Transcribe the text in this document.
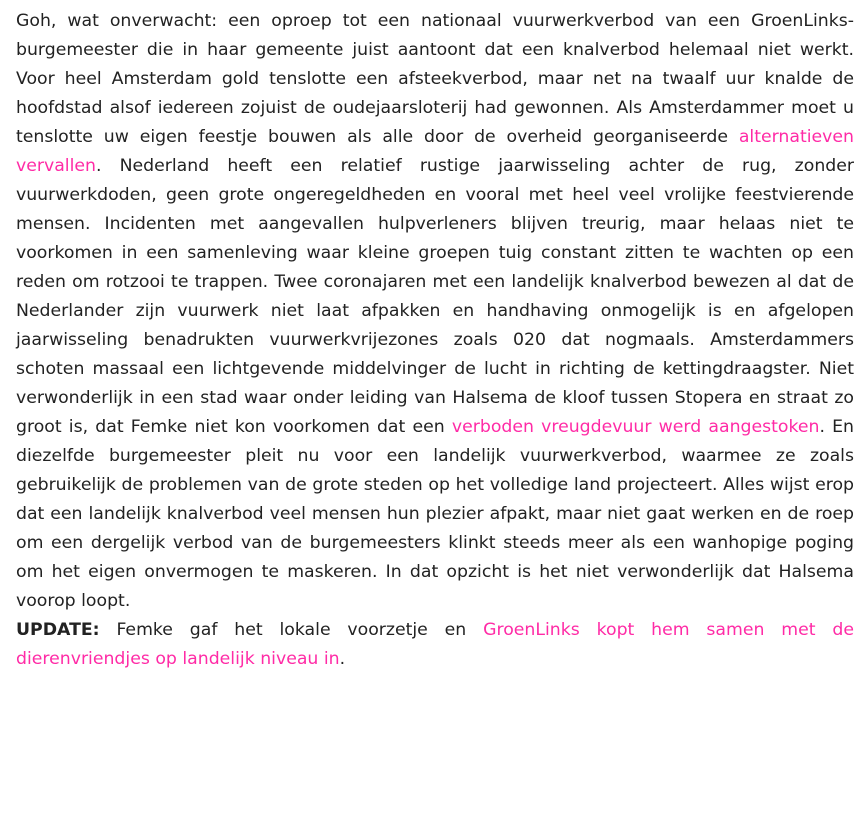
Goh, wat onverwacht: een oproep tot een nationaal vuurwerkverbod van een GroenLinks-burgemeester die in haar gemeente juist aantoont dat een knalverbod helemaal niet werkt. Voor heel Amsterdam gold tenslotte een afsteekverbod, maar net na twaalf uur knalde de hoofdstad alsof iedereen zojuist de oudejaarsloterij had gewonnen. Als Amsterdammer moet u tenslotte uw eigen feestje bouwen als alle door de overheid georganiseerde alternatieven vervallen. Nederland heeft een relatief rustige jaarwisseling achter de rug, zonder vuurwerkdoden, geen grote ongeregeldheden en vooral met heel veel vrolijke feestvierende mensen. Incidenten met aangevallen hulpverleners blijven treurig, maar helaas niet te voorkomen in een samenleving waar kleine groepen tuig constant zitten te wachten op een reden om rotzooi te trappen. Twee coronajaren met een landelijk knalverbod bewezen al dat de Nederlander zijn vuurwerk niet laat afpakken en handhaving onmogelijk is en afgelopen jaarwisseling benadrukten vuurwerkvrijezones zoals 020 dat nogmaals. Amsterdammers schoten massaal een lichtgevende middelvinger de lucht in richting de kettingdraagster. Niet verwonderlijk in een stad waar onder leiding van Halsema de kloof tussen Stopera en straat zo groot is, dat Femke niet kon voorkomen dat een verboden vreugdevuur werd aangestoken. En diezelfde burgemeester pleit nu voor een landelijk vuurwerkverbod, waarmee ze zoals gebruikelijk de problemen van de grote steden op het volledige land projecteert. Alles wijst erop dat een landelijk knalverbod veel mensen hun plezier afpakt, maar niet gaat werken en de roep om een dergelijk verbod van de burgemeesters klinkt steeds meer als een wanhopige poging om het eigen onvermogen te maskeren. In dat opzicht is het niet verwonderlijk dat Halsema voorop loopt.

UPDATE: Femke gaf het lokale voorzetje en GroenLinks kopt hem samen met de dierenvriendjes op landelijk niveau in.
